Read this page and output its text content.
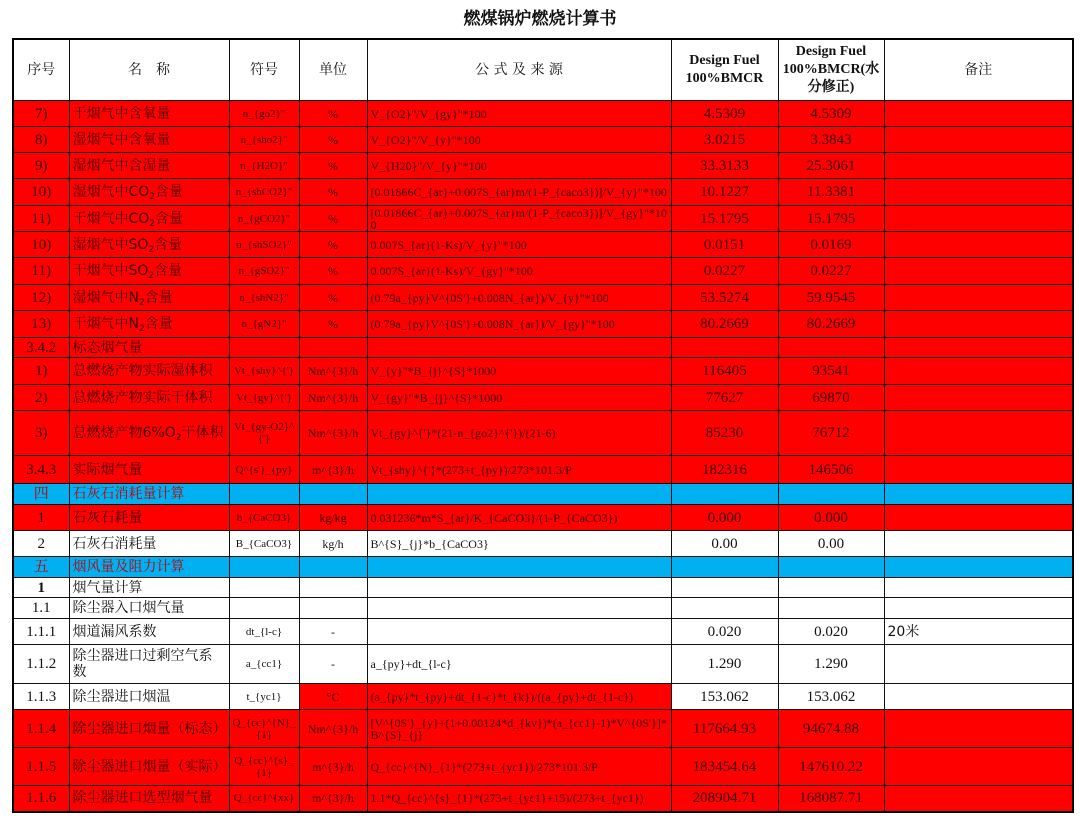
燃煤锅炉燃烧计算书
序号	名　称	符号	单位	公 式 及 来 源	Design Fuel 100%BMCR	Design Fuel 100%BMCR(水分修正)	备注
7)	干烟气中含氧量	n_{go2}"	%	V_{O2}"/V_{gy}"*100	4.5309	4.5309	
8)	湿烟气中含氧量	n_{sho2}"	%	V_{O2}"/V_{y}"*100	3.0215	3.3843	
9)	湿烟气中含湿量	n_{H2O}"	%	V_{H20}"/V_{y}"*100	33.3133	25.3061	
10)	湿烟气中$CO_2$含量	n_{shCO2}"	%	[0.01866C_{ar}+0.007S_{ar}m/(1-P_{caco3})]/V_{y}"*100	10.1227	11.3381	
11)	干烟气中$CO_2$含量	n_{gCO2}"	%	[0.01866C_{ar}+0.007S_{ar}m/(1-P_{caco3})]/V_{gy}"*100	15.1795	15.1795	
10)	湿烟气中$SO_2$含量	n_{shSO2}"	%	0.007S_{ar}(1-Ks)/V_{y}"*100	0.0151	0.0169	
11)	干烟气中$SO_2$含量	n_{gSO2}"	%	0.007S_{ar}(1-Ks)/V_{gy}"*100	0.0227	0.0227	
12)	湿烟气中$N_2$含量	n_{shN2}"	%	(0.79a_{py}V^{0S'}+0.008N_{ar})/V_{y}"*100	53.5274	59.9545	
13)	干烟气中$N_2$含量	n_{gN2}"	%	(0.79a_{py}V^{0S'}+0.008N_{ar})/V_{gy}"*100	80.2669	80.2669	
3.4.2	标态烟气量						
1)	总燃烧产物实际湿体积	Vt_{shy}^{'}	Nm^{3}/h	V_{y}"*B_{j}^{S}*1000	116405	93541	
2)	总燃烧产物实际干体积	Vt_{gy}^{'}	Nm^{3}/h	V_{gy}"*B_{j}^{S}*1000	77627	69870	
3)	总燃烧产物$6\%O_2$干体积	Vt_{gy-O2}^{'}	Nm^{3}/h	Vt_{gy}^{'}*(21-n_{go2}^{'})/(21-6)	85230	76712	
3.4.3	实际烟气量	Q^{s'}_{py}	m^{3}/h	Vt_{shy}^{'}*(273+t_{py})/273*101.3/P	182316	146506	
四	石灰石消耗量计算						
1	石灰石耗量	b_{CaCO3}	kg/kg	0.031236*m*S_{ar}/K_{CaCO3}/(1-P_{CaCO3})	0.000	0.000	
2	石灰石消耗量	B_{CaCO3}	kg/h	B^{S}_{j}*b_{CaCO3}	0.00	0.00	
五	烟风量及阻力计算						
1	烟气量计算						
1.1	除尘器入口烟气量						
1.1.1	烟道漏风系数	dt_{l-c}	-		0.020	0.020	20米
1.1.2	除尘器进口过剩空气系数	a_{cc1}	-	a_{py}+dt_{l-c}	1.290	1.290	
1.1.3	除尘器进口烟温	t_{yc1}	°C	(a_{py}*t_{py}+dt_{1-c}*t_{k})/((a_{py}+dt_{1-c})	153.062	153.062	
1.1.4	除尘器进口烟量（标态）	Q_{cc}^{N}_{1}	Nm^{3}/h	[V^{0S'}_{y}+(1+0.00124*d_{kv})*(a_{cc1}-1)*V^{0S'}]*B^{S}_{j}	117664.93	94674.88	
1.1.5	除尘器进口烟量（实际）	Q_{cc}^{s}_{1}	m^{3}/h	Q_{cc}^{N}_{1}*(273+t_{yc1})/273*101.3/P	183454.64	147610.22	
1.1.6	除尘器进口选型烟气量	Q_{cc}^{xx}	m^{3}/h	1.1*Q_{cc}^{s}_{1}*(273+t_{yc1}+15)/(273+t_{yc1})	208904.71	168087.71	
